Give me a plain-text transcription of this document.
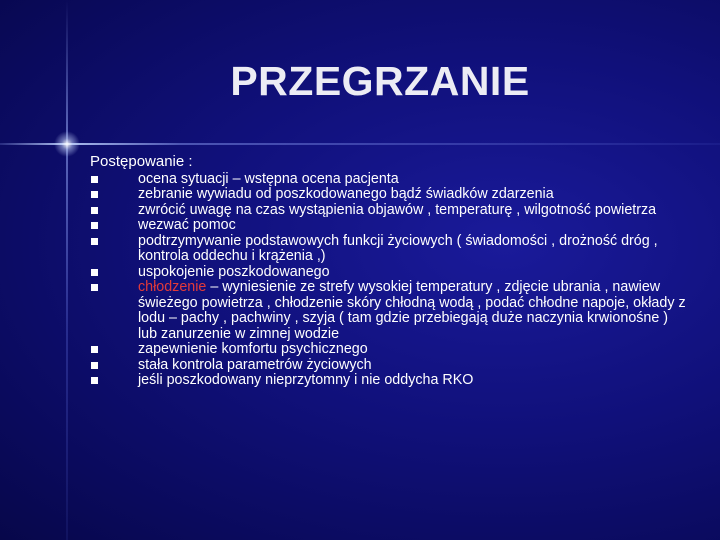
PRZEGRZANIE
Postępowanie :
ocena sytuacji – wstępna ocena pacjenta
zebranie wywiadu od poszkodowanego bądź świadków zdarzenia
zwrócić uwagę na czas wystąpienia objawów , temperaturę , wilgotność powietrza
wezwać pomoc
podtrzymywanie podstawowych funkcji życiowych ( świadomości , drożność dróg , kontrola oddechu i krążenia ,)
uspokojenie poszkodowanego
chłodzenie – wyniesienie ze strefy wysokiej temperatury , zdjęcie ubrania , nawiew świeżego powietrza , chłodzenie skóry chłodną wodą , podać chłodne napoje, okłady z lodu – pachy , pachwiny , szyja ( tam gdzie przebiegają duże naczynia krwionośne ) lub zanurzenie w zimnej wodzie
zapewnienie komfortu psychicznego
stała kontrola parametrów życiowych
jeśli poszkodowany nieprzytomny i nie oddycha RKO
